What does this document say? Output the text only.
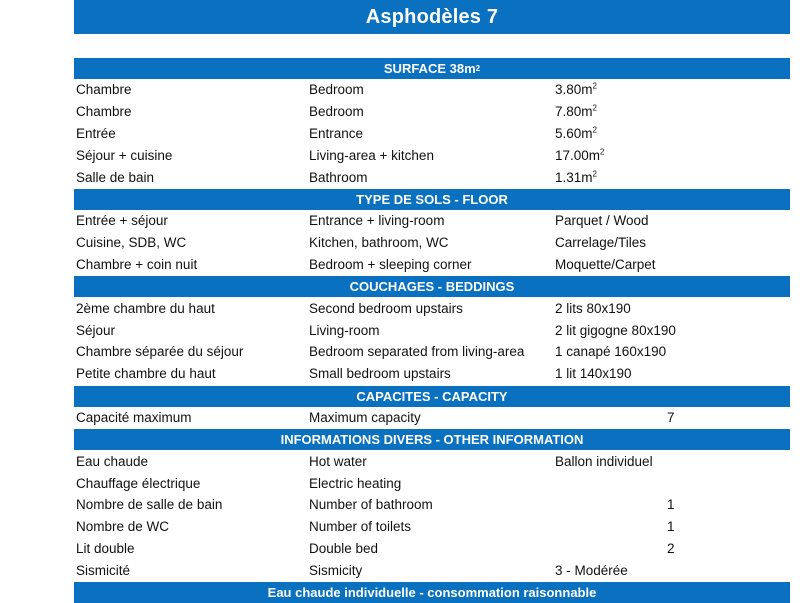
Asphodèles 7
SURFACE 38m 2
Chambre	Bedroom	$3.80m^2$
Chambre	Bedroom	$7.80m^2$
Entrée	Entrance	$5.60m^2$
Séjour + cuisine	Living-area + kitchen	$17.00m^2$
Salle de bain	Bathroom	$1.31m^2$
TYPE DE SOLS - FLOOR
Entrée + séjour	Entrance + living-room	Parquet / Wood
Cuisine, SDB, WC	Kitchen, bathroom, WC	Carrelage/Tiles
Chambre + coin nuit	Bedroom + sleeping corner	Moquette/Carpet
COUCHAGES - BEDDINGS
2ème chambre du haut	Second bedroom upstairs	2 lits 80x190
Séjour	Living-room	2 lit gigogne 80x190
Chambre séparée du séjour	Bedroom separated from living-area	1 canapé 160x190
Petite chambre du haut	Small bedroom upstairs	1 lit 140x190
CAPACITES - CAPACITY
Capacité maximum	Maximum capacity	7
INFORMATIONS DIVERS - OTHER INFORMATION
Eau chaude	Hot water	Ballon individuel
Chauffage électrique	Electric heating
Nombre de salle de bain	Number of bathroom	1
Nombre de WC	Number of toilets	1
Lit double	Double bed	2
Sismicité	Sismicity	3 - Modérée
Eau chaude individuelle - consommation raisonnable
